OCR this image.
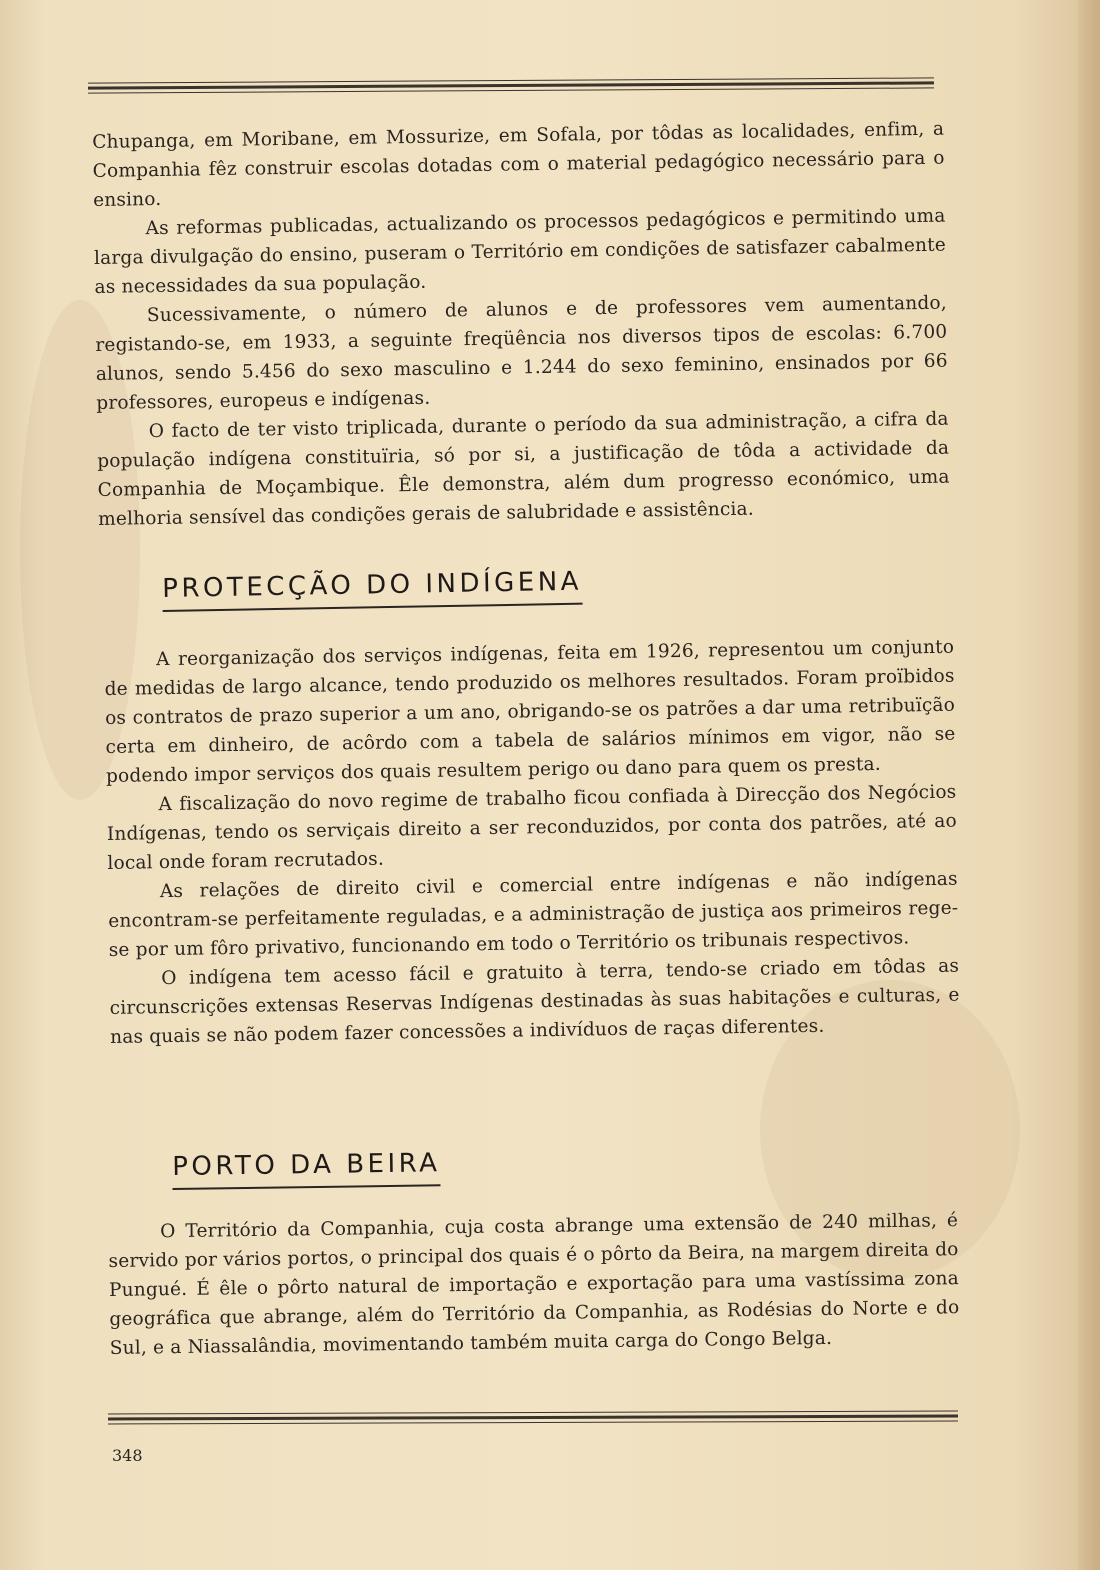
Chupanga, em Moribane, em Mossurize, em Sofala, por tôdas as localidades, enfim, a Companhia fêz construir escolas dotadas com o material pedagógico necessário para o ensino.

As reformas publicadas, actualizando os processos pedagógicos e permitindo uma larga divulgação do ensino, puseram o Território em condições de satisfazer cabalmente as necessidades da sua população.

Sucessivamente, o número de alunos e de professores vem aumentando, registando-se, em 1933, a seguinte freqüência nos diversos tipos de escolas: 6.700 alunos, sendo 5.456 do sexo masculino e 1.244 do sexo feminino, ensinados por 66 professores, europeus e indígenas.

O facto de ter visto triplicada, durante o período da sua administração, a cifra da população indígena constituïria, só por si, a justificação de tôda a actividade da Companhia de Moçambique. Êle demonstra, além dum progresso económico, uma melhoria sensível das condições gerais de salubridade e assistência.

PROTECÇÃO DO INDÍGENA

A reorganização dos serviços indígenas, feita em 1926, representou um conjunto de medidas de largo alcance, tendo produzido os melhores resultados. Foram proïbidos os contratos de prazo superior a um ano, obrigando-se os patrões a dar uma retribuïção certa em dinheiro, de acôrdo com a tabela de salários mínimos em vigor, não se podendo impor serviços dos quais resultem perigo ou dano para quem os presta.

A fiscalização do novo regime de trabalho ficou confiada à Direcção dos Negócios Indígenas, tendo os serviçais direito a ser reconduzidos, por conta dos patrões, até ao local onde foram recrutados.

As relações de direito civil e comercial entre indígenas e não indígenas encontram-se perfeitamente reguladas, e a administração de justiça aos primeiros rege-se por um fôro privativo, funcionando em todo o Território os tribunais respectivos.

O indígena tem acesso fácil e gratuito à terra, tendo-se criado em tôdas as circunscrições extensas Reservas Indígenas destinadas às suas habitações e culturas, e nas quais se não podem fazer concessões a indivíduos de raças diferentes.

PORTO DA BEIRA

O Território da Companhia, cuja costa abrange uma extensão de 240 milhas, é servido por vários portos, o principal dos quais é o pôrto da Beira, na margem direita do Pungué. É êle o pôrto natural de importação e exportação para uma vastíssima zona geográfica que abrange, além do Território da Companhia, as Rodésias do Norte e do Sul, e a Niassalândia, movimentando também muita carga do Congo Belga.

348
